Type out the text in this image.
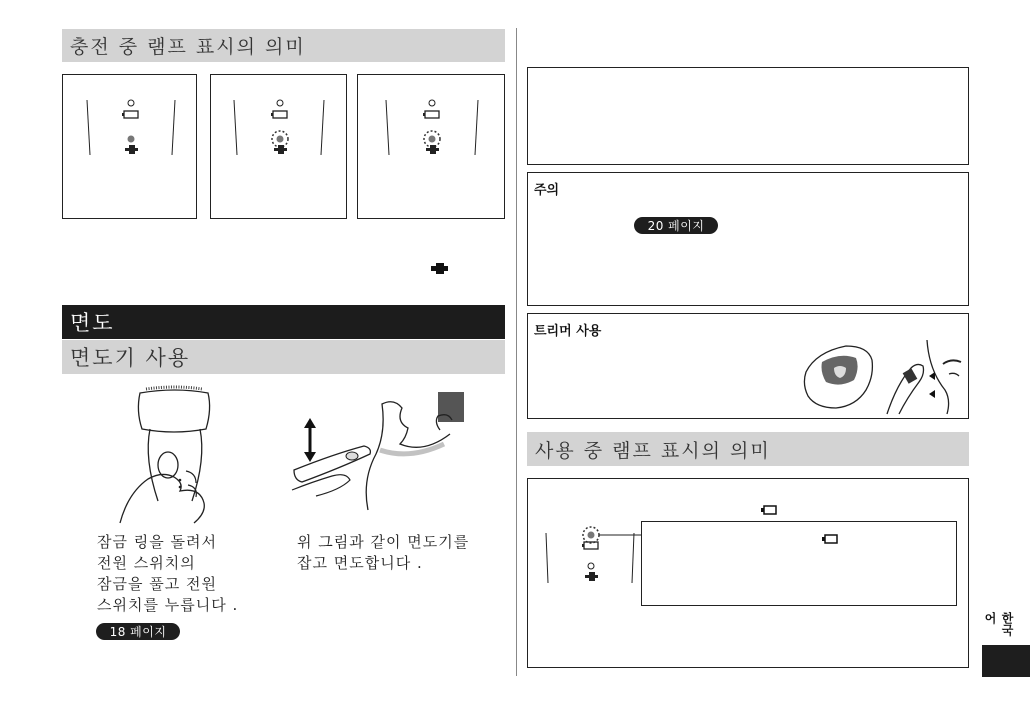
충전 중 램프 표시의 의미
면도
면도기 사용
잠금 링을 돌려서
전원 스위치의
잠금을 풀고 전원
스위치를 누릅니다 .
18 페이지
위 그림과 같이 면도기를
잡고 면도합니다 .
주의
20 페이지
트리머 사용
사용 중 램프 표시의 의미
한국어
